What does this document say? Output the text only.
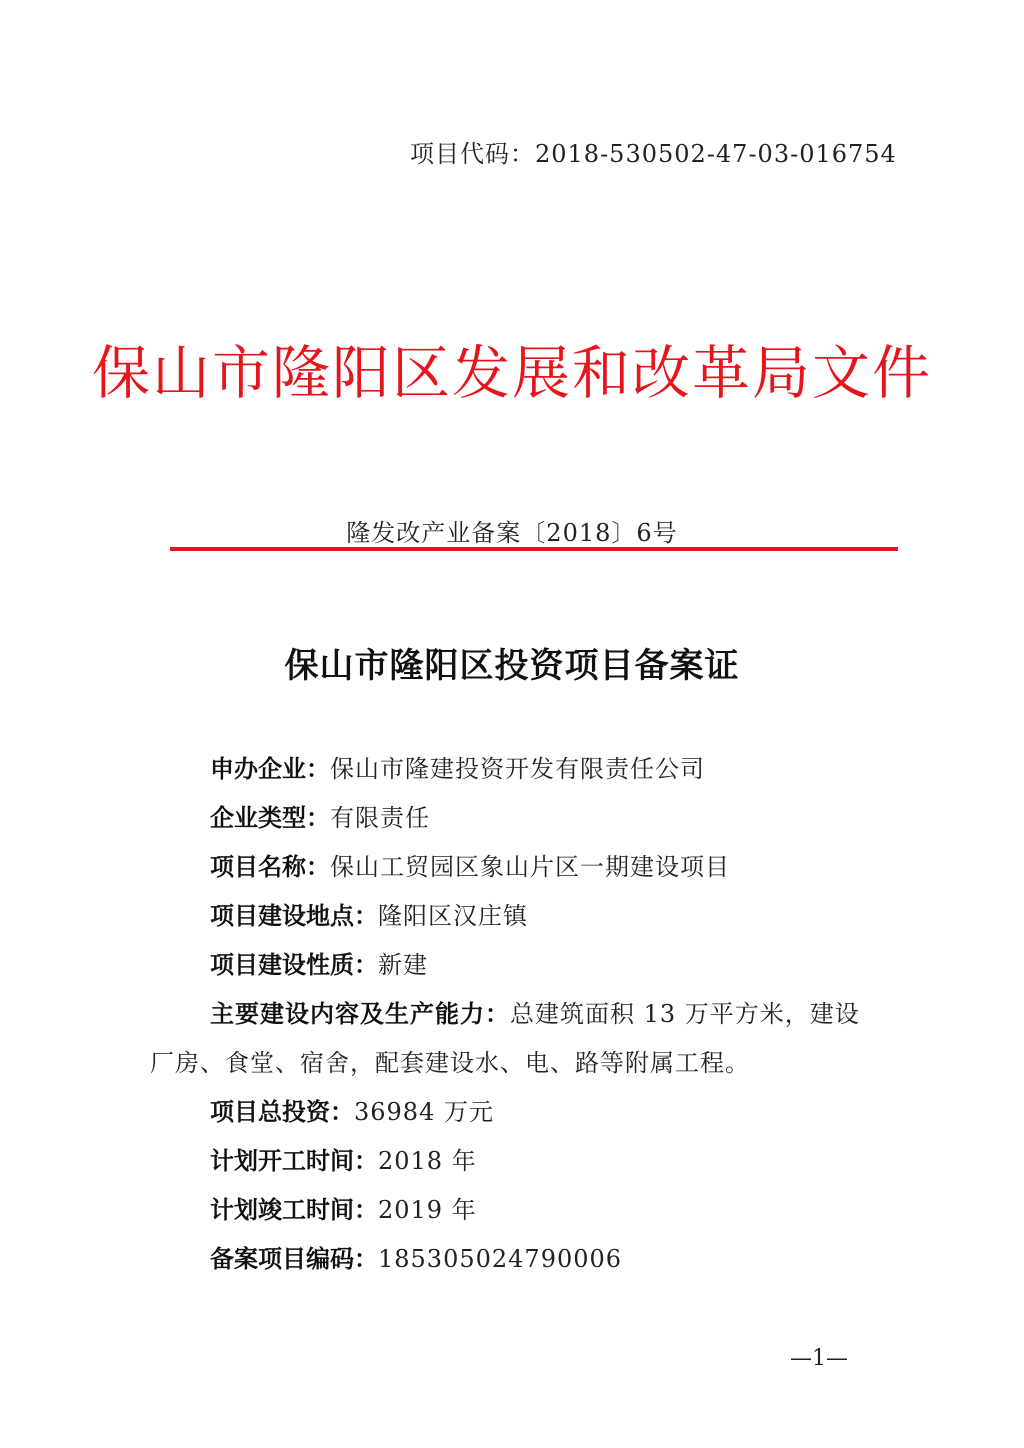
项目代码：2018-530502-47-03-016754
保山市隆阳区发展和改革局文件
隆发改产业备案〔2018〕6号
保山市隆阳区投资项目备案证
申办企业：保山市隆建投资开发有限责任公司
企业类型：有限责任
项目名称：保山工贸园区象山片区一期建设项目
项目建设地点：隆阳区汉庄镇
项目建设性质：新建
主要建设内容及生产能力：总建筑面积 13 万平方米，建设厂房、食堂、宿舍，配套建设水、电、路等附属工程。
项目总投资：36984 万元
计划开工时间：2018 年
计划竣工时间：2019 年
备案项目编码：185305024790006
—1—
